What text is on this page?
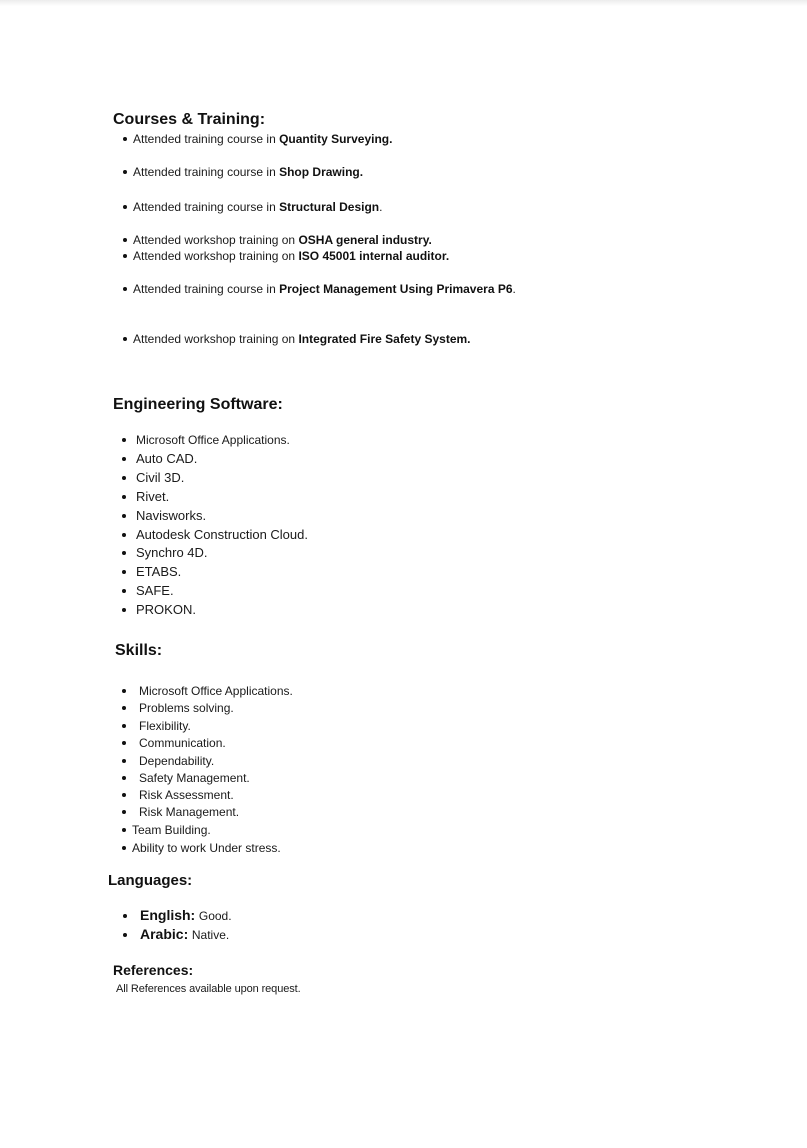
Courses & Training:
Attended training course in Quantity Surveying.
Attended training course in Shop Drawing.
Attended training course in Structural Design.
Attended workshop training on OSHA general industry.
Attended workshop training on ISO 45001 internal auditor.
Attended training course in Project Management Using Primavera P6.
Attended workshop training on Integrated Fire Safety System.
Engineering Software:
Microsoft Office Applications.
Auto CAD.
Civil 3D.
Rivet.
Navisworks.
Autodesk Construction Cloud.
Synchro 4D.
ETABS.
SAFE.
PROKON.
Skills:
Microsoft Office Applications.
Problems solving.
Flexibility.
Communication.
Dependability.
Safety Management.
Risk Assessment.
Risk Management.
Team Building.
Ability to work Under stress.
Languages:
English: Good.
Arabic: Native.
References:
All References available upon request.
